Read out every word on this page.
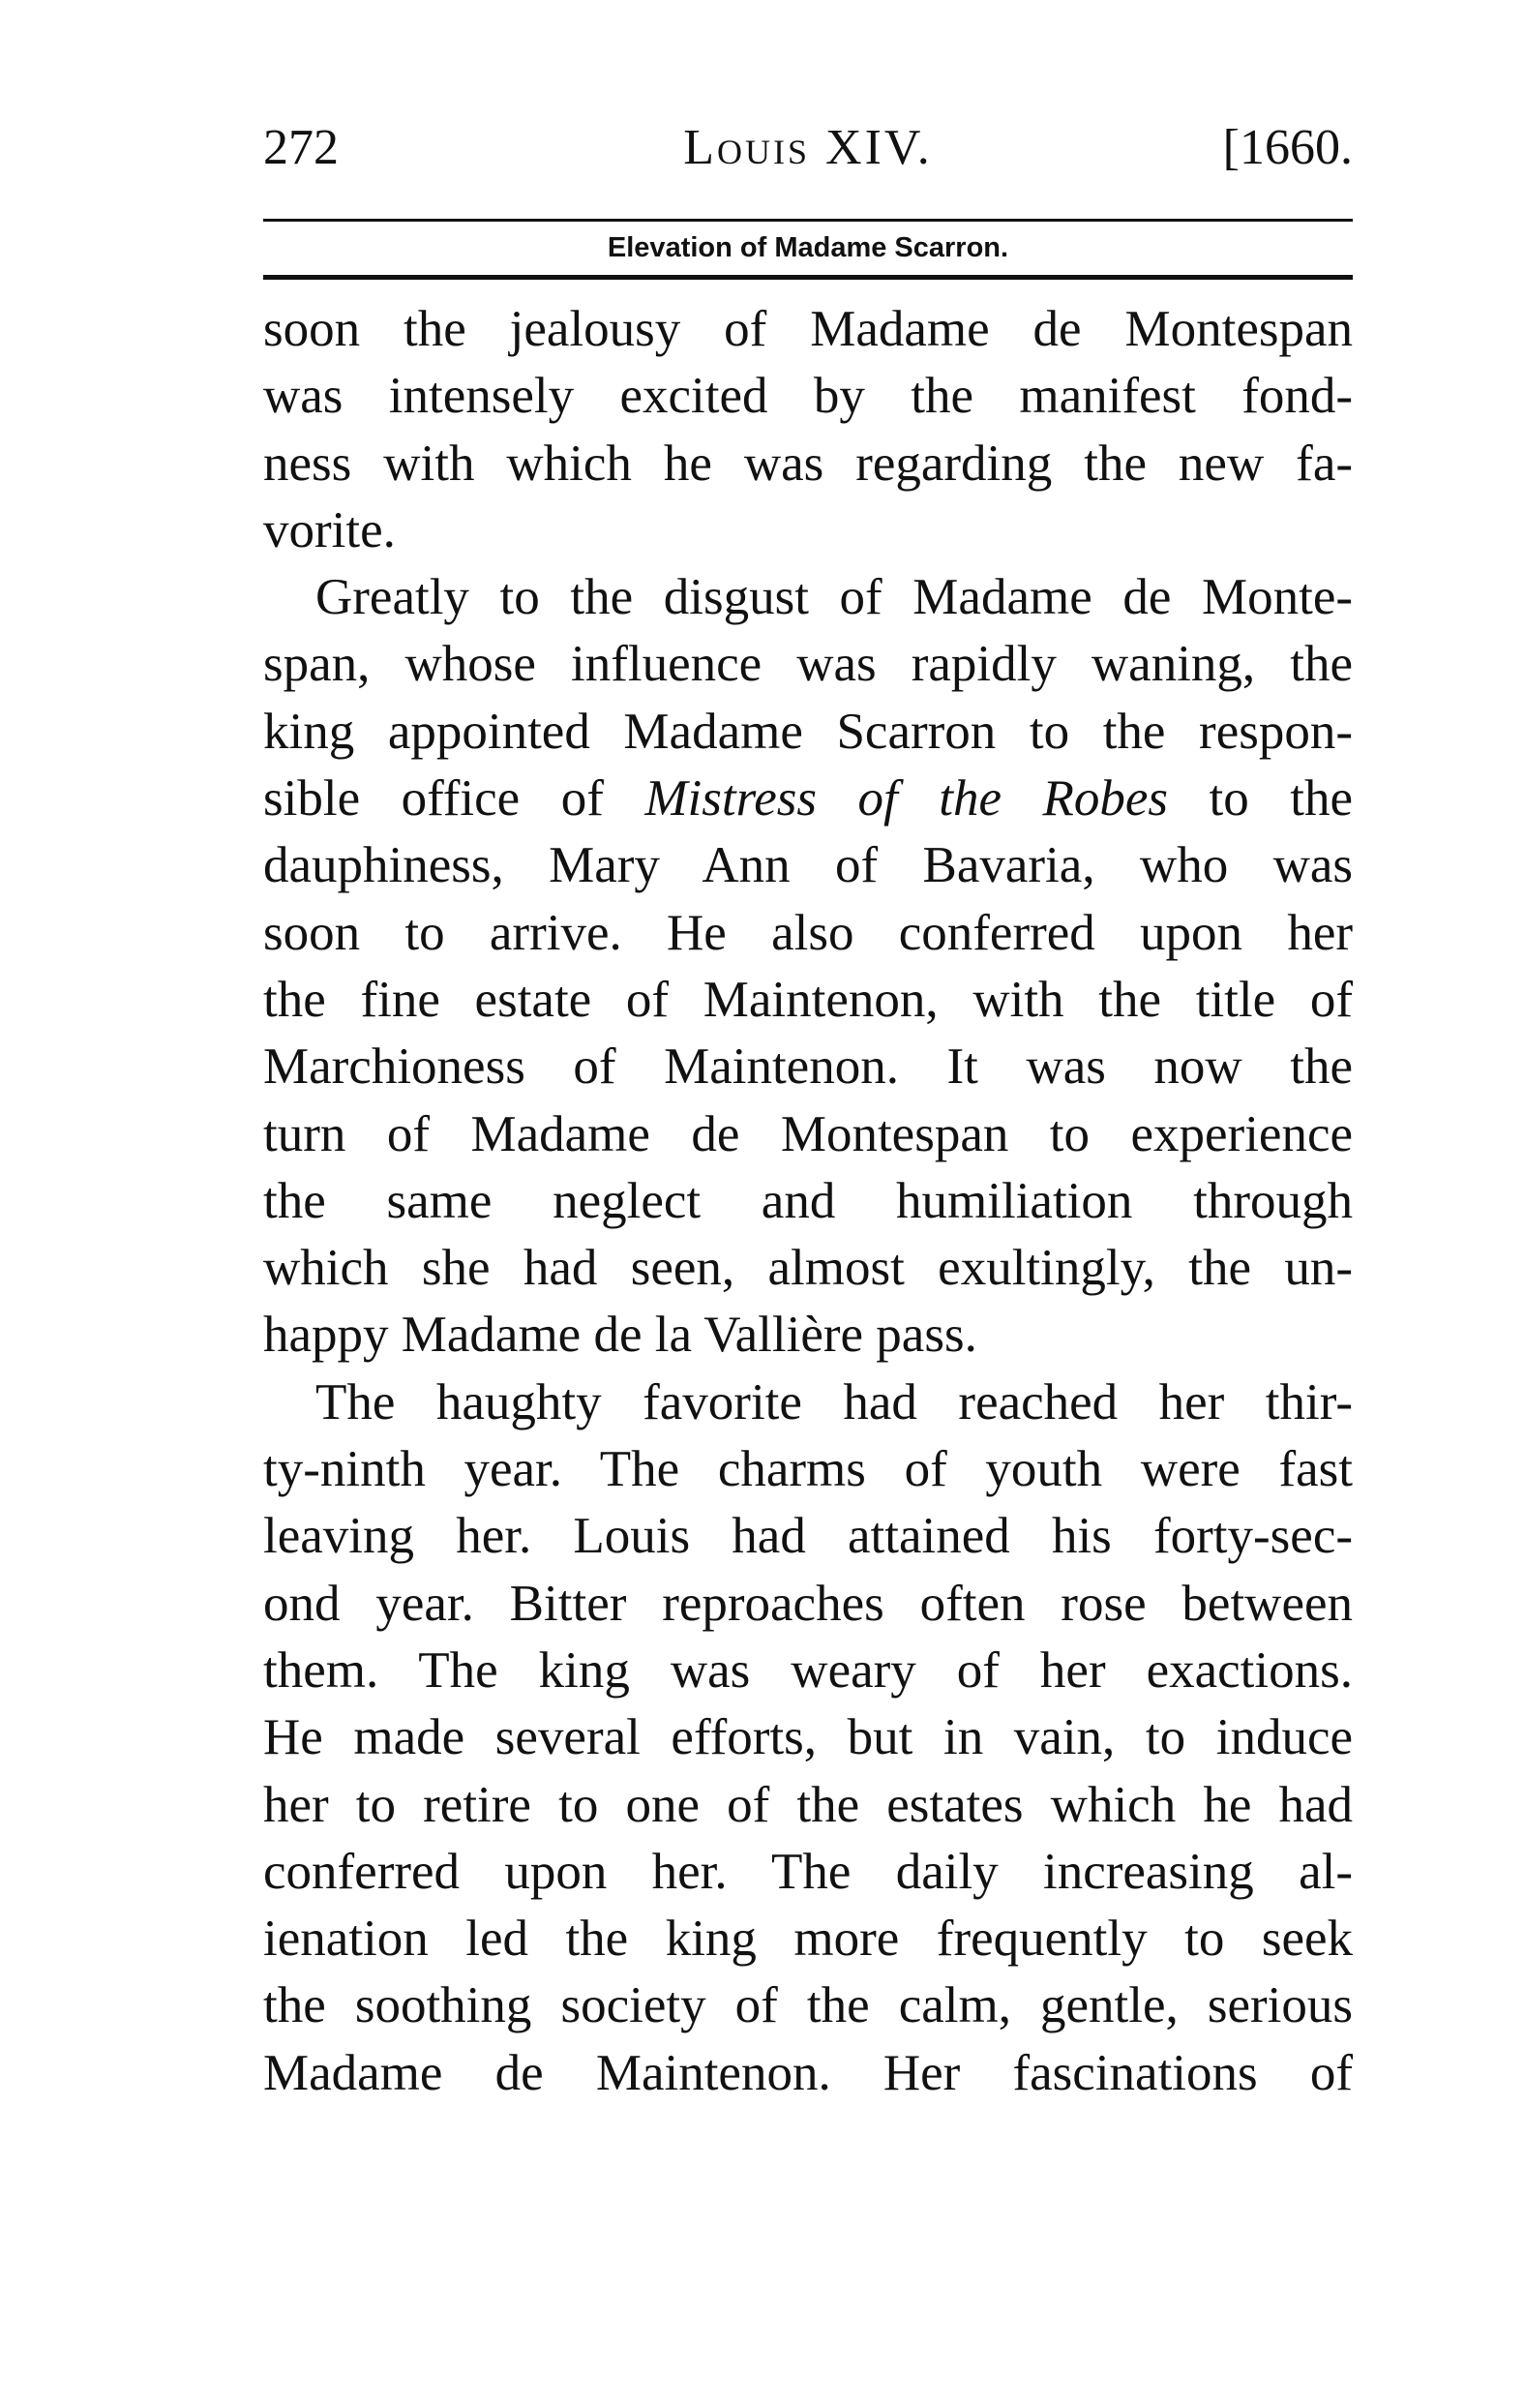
272	Louis XIV.	[1660.
Elevation of Madame Scarron.

soon the jealousy of Madame de Montespan
was intensely excited by the manifest fond-
ness with which he was regarding the new fa-
vorite.

Greatly to the disgust of Madame de Monte-
span, whose influence was rapidly waning, the
king appointed Madame Scarron to the respon-
sible office of Mistress of the Robes to the
dauphiness, Mary Ann of Bavaria, who was
soon to arrive. He also conferred upon her
the fine estate of Maintenon, with the title of
Marchioness of Maintenon. It was now the
turn of Madame de Montespan to experience
the same neglect and humiliation through
which she had seen, almost exultingly, the un-
happy Madame de la Vallière pass.

The haughty favorite had reached her thir-
ty-ninth year. The charms of youth were fast
leaving her. Louis had attained his forty-sec-
ond year. Bitter reproaches often rose between
them. The king was weary of her exactions.
He made several efforts, but in vain, to induce
her to retire to one of the estates which he had
conferred upon her. The daily increasing al-
ienation led the king more frequently to seek
the soothing society of the calm, gentle, serious
Madame de Maintenon. Her fascinations of
